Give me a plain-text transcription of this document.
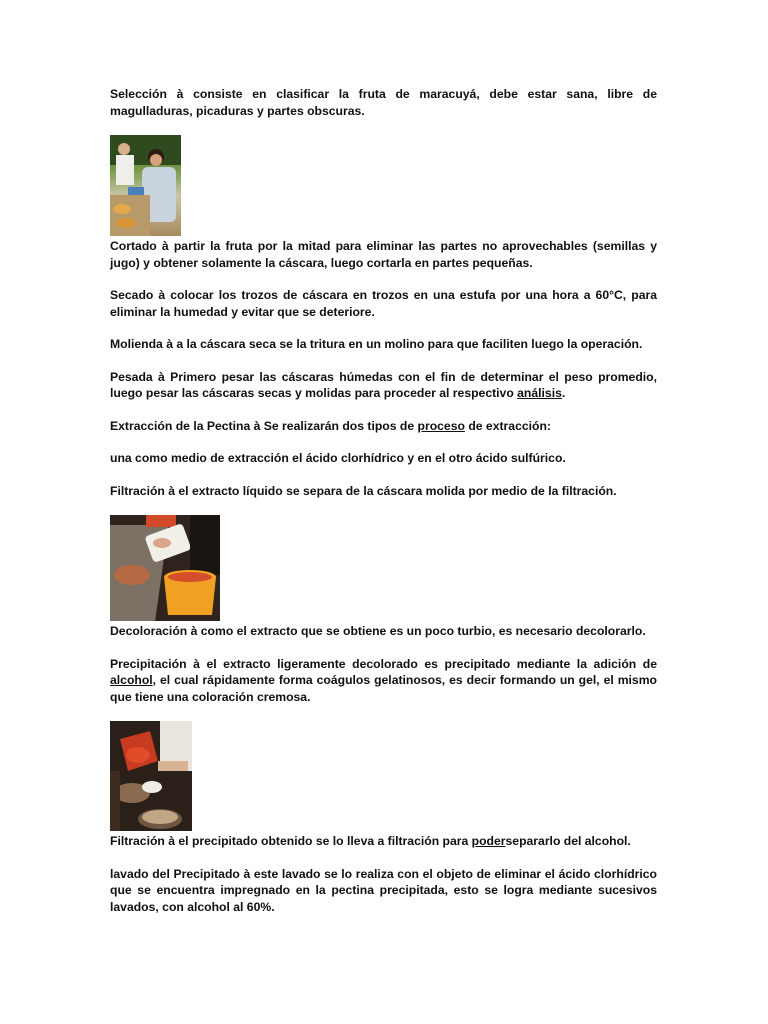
Selección à consiste en clasificar la fruta de maracuyá, debe estar sana, libre de magulladuras, picaduras y partes obscuras.

Cortado à partir la fruta por la mitad para eliminar las partes no aprovechables (semillas y jugo) y obtener solamente la cáscara, luego cortarla en partes pequeñas.

Secado à colocar los trozos de cáscara en trozos en una estufa por una hora a 60°C, para eliminar la humedad y evitar que se deteriore.

Molienda à a la cáscara seca se la tritura en un molino para que faciliten luego la operación.

Pesada à Primero pesar las cáscaras húmedas con el fin de determinar el peso promedio, luego pesar las cáscaras secas y molidas para proceder al respectivo análisis.

Extracción de la Pectina à Se realizarán dos tipos de proceso de extracción:

una como medio de extracción el ácido clorhídrico y en el otro ácido sulfúrico.

Filtración à el extracto líquido se separa de la cáscara molida por medio de la filtración.

Decoloración à como el extracto que se obtiene es un poco turbio, es necesario decolorarlo.

Precipitación à el extracto ligeramente decolorado es precipitado mediante la adición de alcohol, el cual rápidamente forma coágulos gelatinosos, es decir formando un gel, el mismo que tiene una coloración cremosa.

Filtración à el precipitado obtenido se lo lleva a filtración para podersepararlo del alcohol.

lavado del Precipitado à este lavado se lo realiza con el objeto de eliminar el ácido clorhídrico que se encuentra impregnado en la pectina precipitada, esto se logra mediante sucesivos lavados, con alcohol al 60%.
